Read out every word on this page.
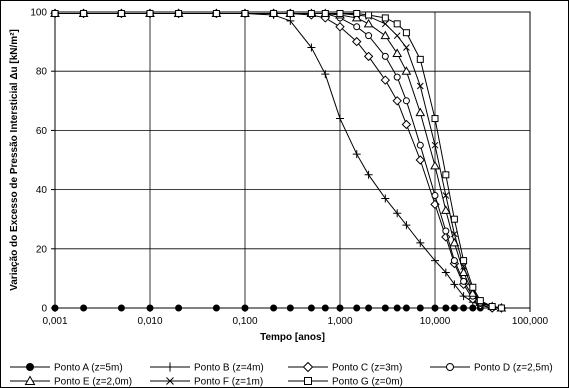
Variação do Excesso de Pressão Intersticial Δu [kN/m²]
Tempo [anos]
0
20
40
60
80
100
0,001	0,010	0,100	1,000	10,000	100,000
Ponto A (z=5m)	Ponto B (z=4m)	Ponto C (z=3m)	Ponto D (z=2,5m)
Ponto E (z=2,0m)	Ponto F (z=1m)	Ponto G (z=0m)
